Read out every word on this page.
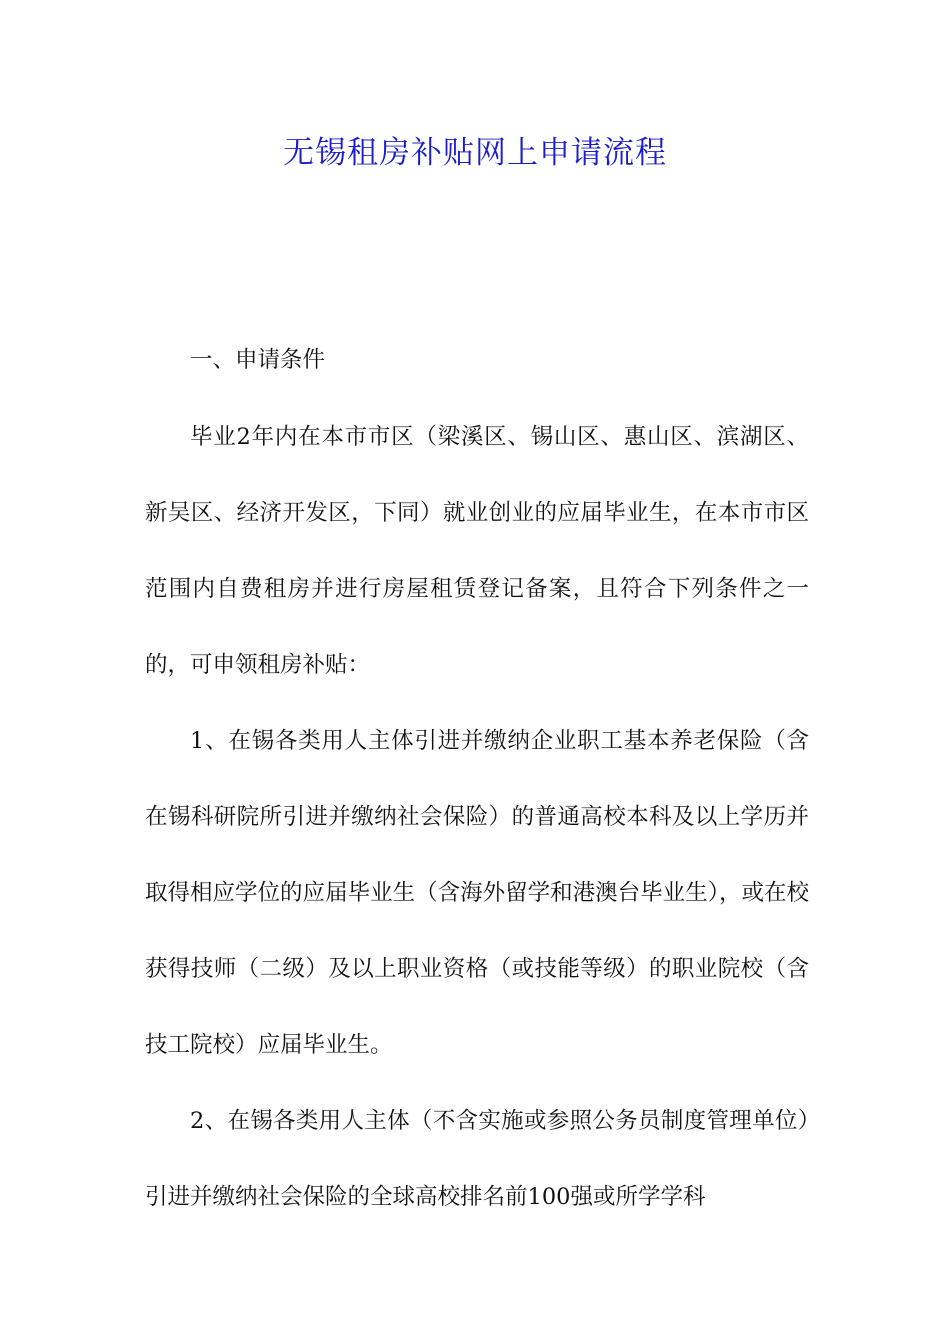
无锡租房补贴网上申请流程

一、申请条件

毕业2年内在本市市区（梁溪区、锡山区、惠山区、滨湖区、新吴区、经济开发区，下同）就业创业的应届毕业生，在本市市区范围内自费租房并进行房屋租赁登记备案，且符合下列条件之一的，可申领租房补贴：

1、在锡各类用人主体引进并缴纳企业职工基本养老保险（含在锡科研院所引进并缴纳社会保险）的普通高校本科及以上学历并取得相应学位的应届毕业生（含海外留学和港澳台毕业生），或在校获得技师（二级）及以上职业资格（或技能等级）的职业院校（含技工院校）应届毕业生。

2、在锡各类用人主体（不含实施或参照公务员制度管理单位）引进并缴纳社会保险的全球高校排名前100强或所学学科
